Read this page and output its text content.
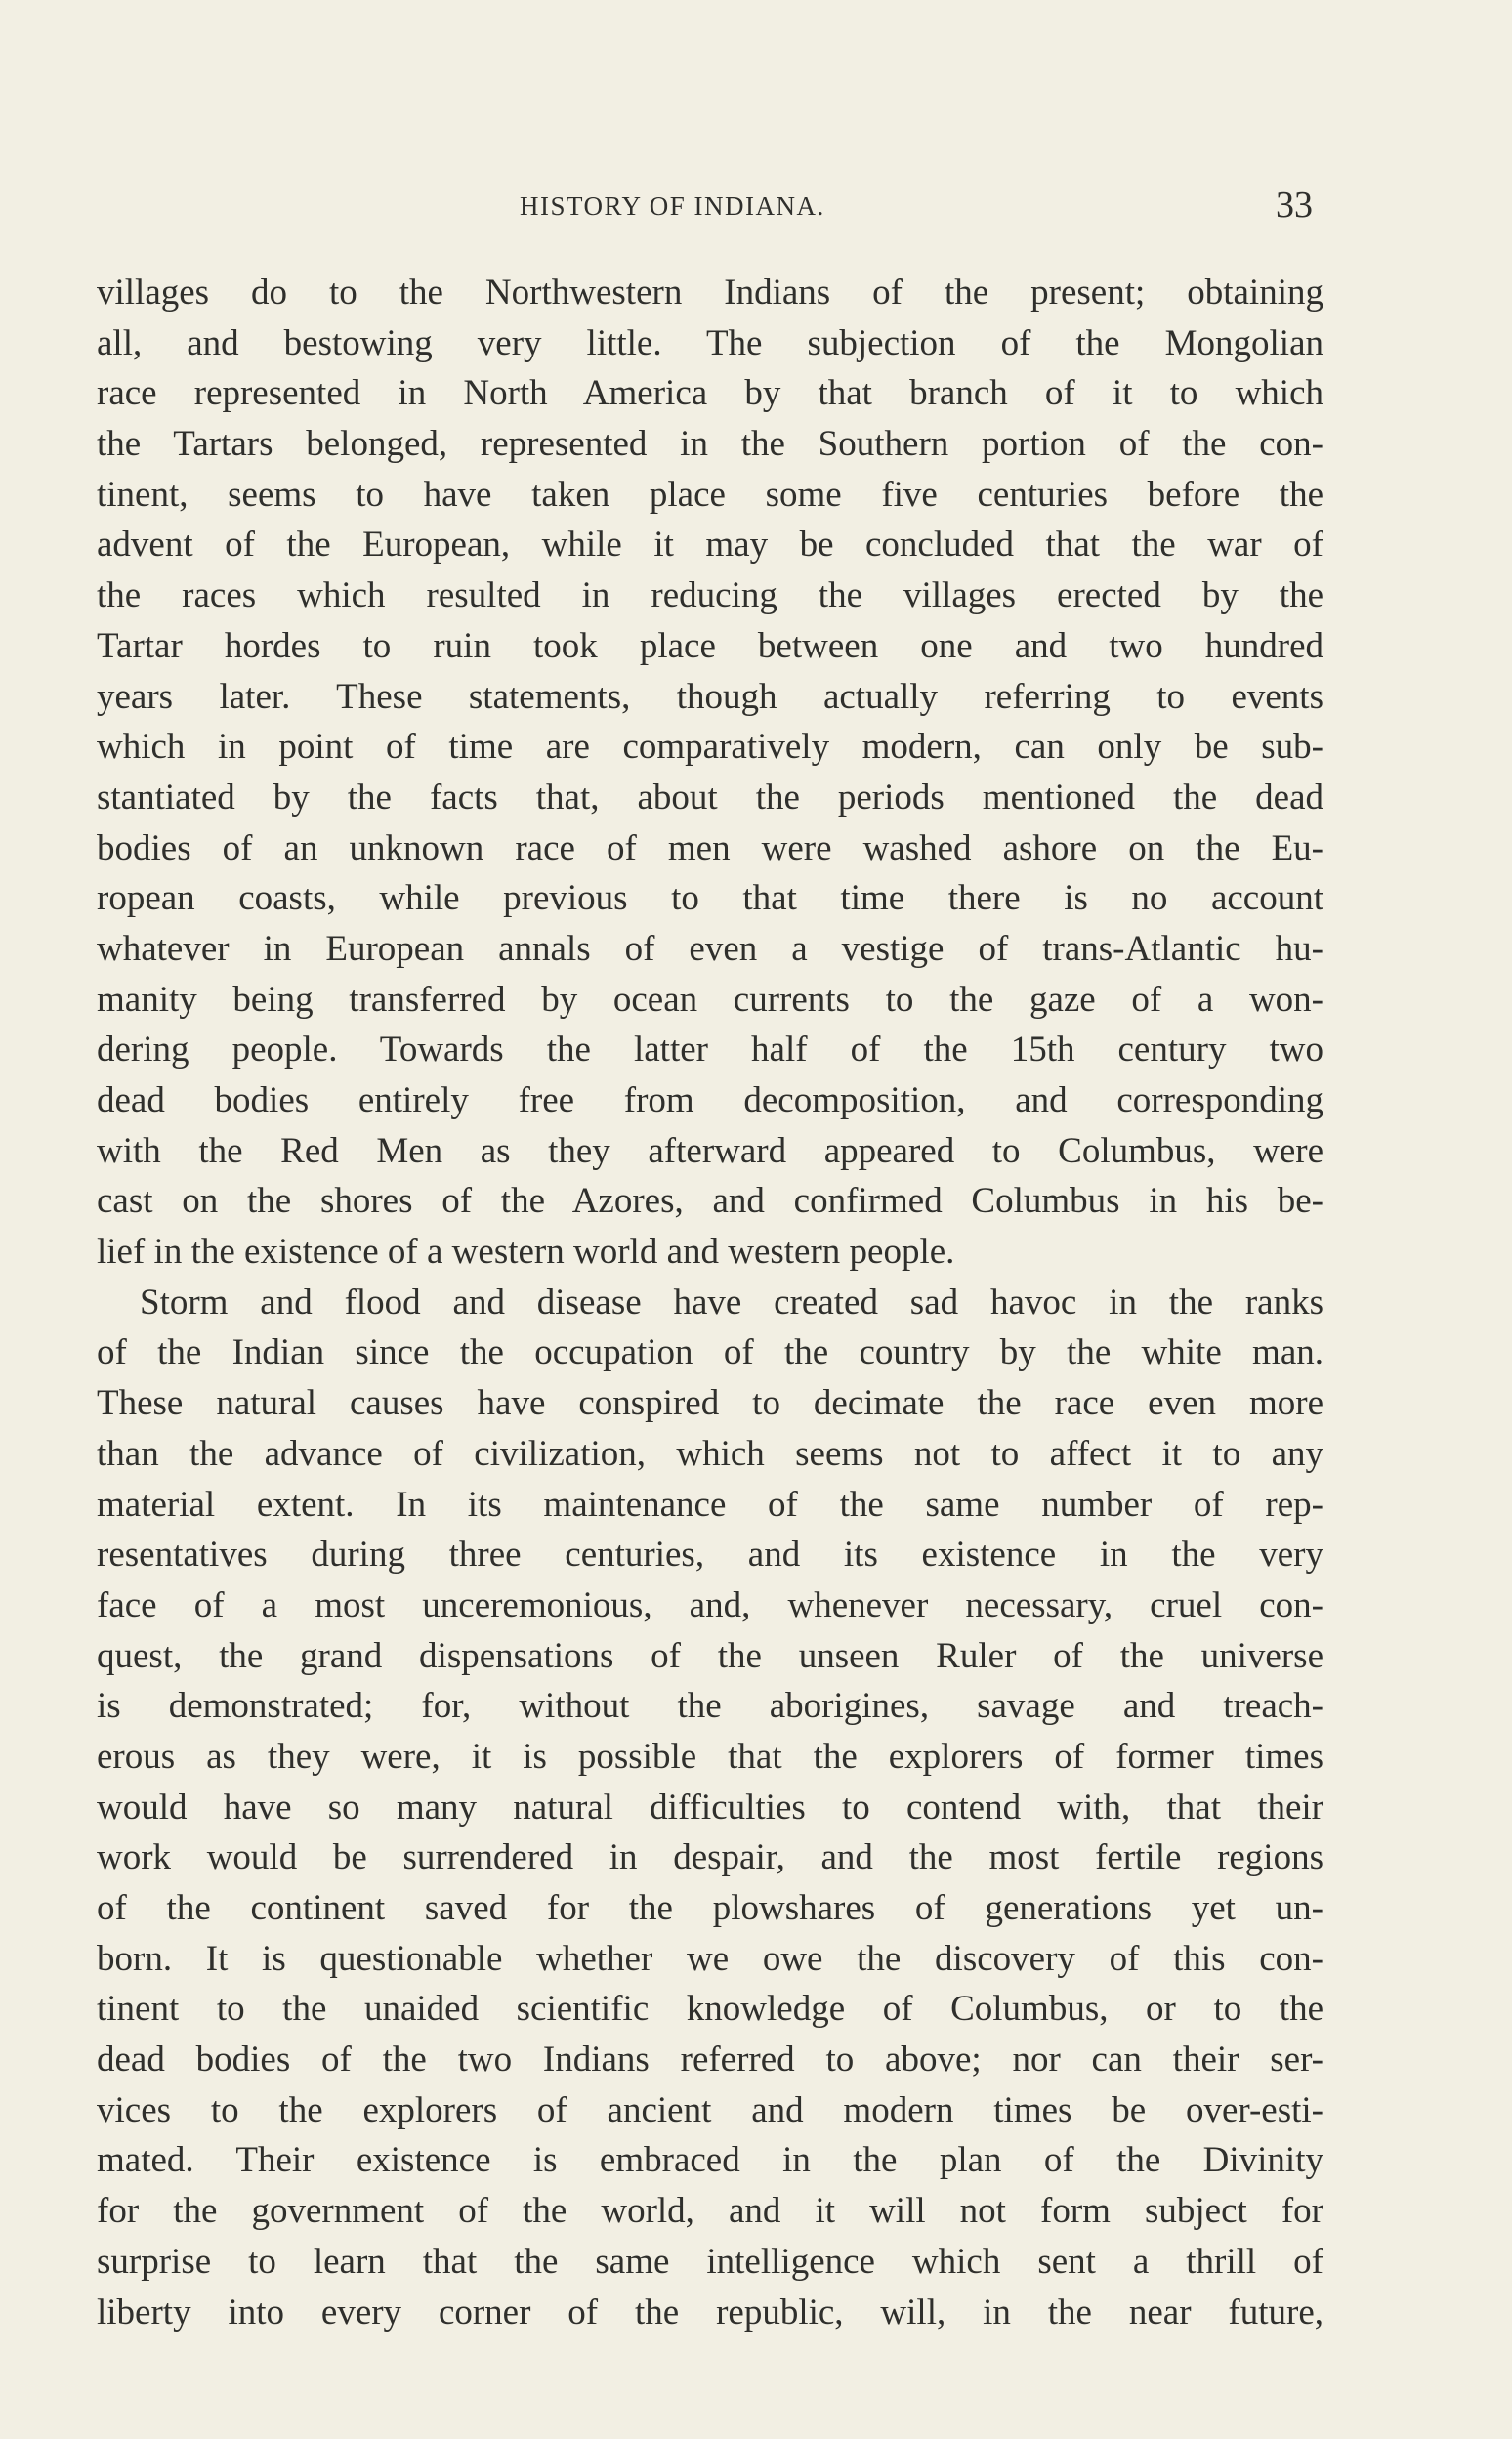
HISTORY OF INDIANA.	33
villages do to the Northwestern Indians of the present; obtaining
all, and bestowing very little. The subjection of the Mongolian
race represented in North America by that branch of it to which
the Tartars belonged, represented in the Southern portion of the con-
tinent, seems to have taken place some five centuries before the
advent of the European, while it may be concluded that the war of
the races which resulted in reducing the villages erected by the
Tartar hordes to ruin took place between one and two hundred
years later. These statements, though actually referring to events
which in point of time are comparatively modern, can only be sub-
stantiated by the facts that, about the periods mentioned the dead
bodies of an unknown race of men were washed ashore on the Eu-
ropean coasts, while previous to that time there is no account
whatever in European annals of even a vestige of trans-Atlantic hu-
manity being transferred by ocean currents to the gaze of a won-
dering people. Towards the latter half of the 15th century two
dead bodies entirely free from decomposition, and corresponding
with the Red Men as they afterward appeared to Columbus, were
cast on the shores of the Azores, and confirmed Columbus in his be-
lief in the existence of a western world and western people.
Storm and flood and disease have created sad havoc in the ranks
of the Indian since the occupation of the country by the white man.
These natural causes have conspired to decimate the race even more
than the advance of civilization, which seems not to affect it to any
material extent. In its maintenance of the same number of rep-
resentatives during three centuries, and its existence in the very
face of a most unceremonious, and, whenever necessary, cruel con-
quest, the grand dispensations of the unseen Ruler of the universe
is demonstrated; for, without the aborigines, savage and treach-
erous as they were, it is possible that the explorers of former times
would have so many natural difficulties to contend with, that their
work would be surrendered in despair, and the most fertile regions
of the continent saved for the plowshares of generations yet un-
born. It is questionable whether we owe the discovery of this con-
tinent to the unaided scientific knowledge of Columbus, or to the
dead bodies of the two Indians referred to above; nor can their ser-
vices to the explorers of ancient and modern times be over-esti-
mated. Their existence is embraced in the plan of the Divinity
for the government of the world, and it will not form subject for
surprise to learn that the same intelligence which sent a thrill of
liberty into every corner of the republic, will, in the near future,
